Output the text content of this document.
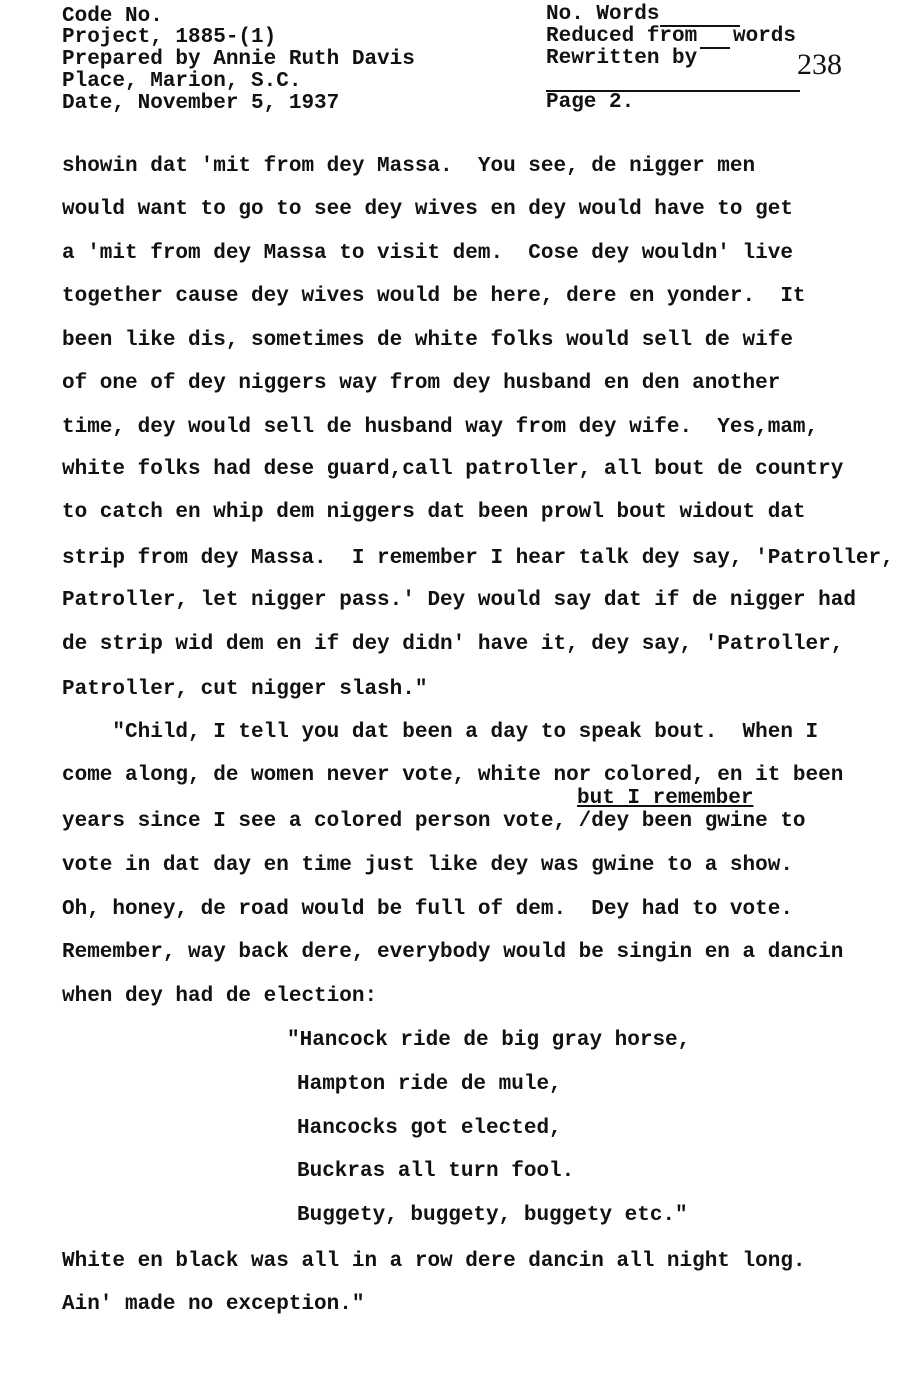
Code No.
Project, 1885-(1)
Prepared by Annie Ruth Davis
Place, Marion, S.C.
Date, November 5, 1937
No. Words
Reduced from words
Rewritten by	238
Page 2.
showin dat 'mit from dey Massa.  You see, de nigger men
would want to go to see dey wives en dey would have to get
a 'mit from dey Massa to visit dem.  Cose dey wouldn' live
together cause dey wives would be here, dere en yonder.  It
been like dis, sometimes de white folks would sell de wife
of one of dey niggers way from dey husband en den another
time, dey would sell de husband way from dey wife.  Yes,mam,
white folks had dese guard,call patroller, all bout de country
to catch en whip dem niggers dat been prowl bout widout dat
strip from dey Massa.  I remember I hear talk dey say, 'Patroller,
Patroller, let nigger pass.' Dey would say dat if de nigger had
de strip wid dem en if dey didn' have it, dey say, 'Patroller,
Patroller, cut nigger slash."
"Child, I tell you dat been a day to speak bout.  When I
come along, de women never vote, white nor colored, en it been
years since I see a colored person vote, /dey been gwine to
vote in dat day en time just like dey was gwine to a show.
Oh, honey, de road would be full of dem.  Dey had to vote.
Remember, way back dere, everybody would be singin en a dancin
when dey had de election:
but I remember
"Hancock ride de big gray horse,
Hampton ride de mule,
Hancocks got elected,
Buckras all turn fool.
Buggety, buggety, buggety etc."
White en black was all in a row dere dancin all night long.
Ain' made no exception."
